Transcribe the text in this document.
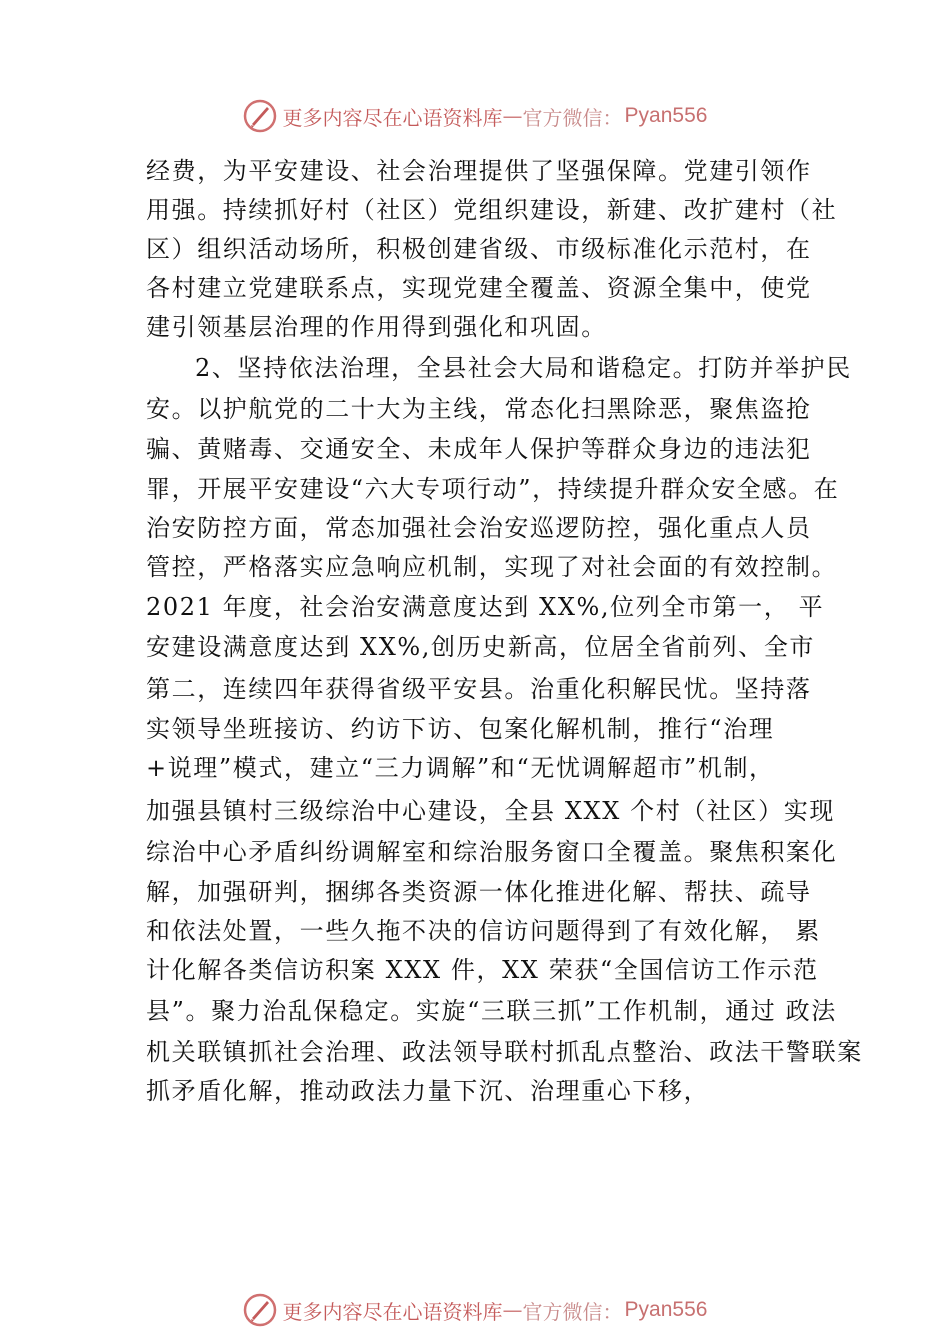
更多内容尽在心语资料库 — 官方微信： Pyan556
经费，为平安建设、社会治理提供了坚强保障。党建引领作
用强。持续抓好村（社区）党组织建设，新建、改扩建村（社
区）组织活动场所，积极创建省级、市级标准化示范村，在
各村建立党建联系点，实现党建全覆盖、资源全集中，使党
建引领基层治理的作用得到强化和巩固。
2、坚持依法治理，全县社会大局和谐稳定。打防并举护民
安。以护航党的二十大为主线，常态化扫黑除恶，聚焦盗抢
骗、黄赌毒、交通安全、未成年人保护等群众身边的违法犯
罪，开展平安建设“六大专项行动”，持续提升群众安全感。在
治安防控方面，常态加强社会治安巡逻防控，强化重点人员
管控，严格落实应急响应机制，实现了对社会面的有效控制。
2021 年度，社会治安满意度达到 XX%,位列全市第一， 平
安建设满意度达到 XX%,创历史新高，位居全省前列、全市
第二，连续四年获得省级平安县。治重化积解民忧。坚持落
实领导坐班接访、约访下访、包案化解机制，推行“治理
+说理”模式，建立“三力调解”和“无忧调解超市”机制，
加强县镇村三级综治中心建设，全县 XXX 个村（社区）实现
综治中心矛盾纠纷调解室和综治服务窗口全覆盖。聚焦积案化
解，加强研判，捆绑各类资源一体化推进化解、帮扶、疏导
和依法处置，一些久拖不决的信访问题得到了有效化解， 累
计化解各类信访积案 XXX 件，XX 荣获“全国信访工作示范
县”。聚力治乱保稳定。实旋“三联三抓”工作机制，通过 政法
机关联镇抓社会治理、政法领导联村抓乱点整治、政法干警联案
抓矛盾化解，推动政法力量下沉、治理重心下移，
更多内容尽在心语资料库 — 官方微信： Pyan556
